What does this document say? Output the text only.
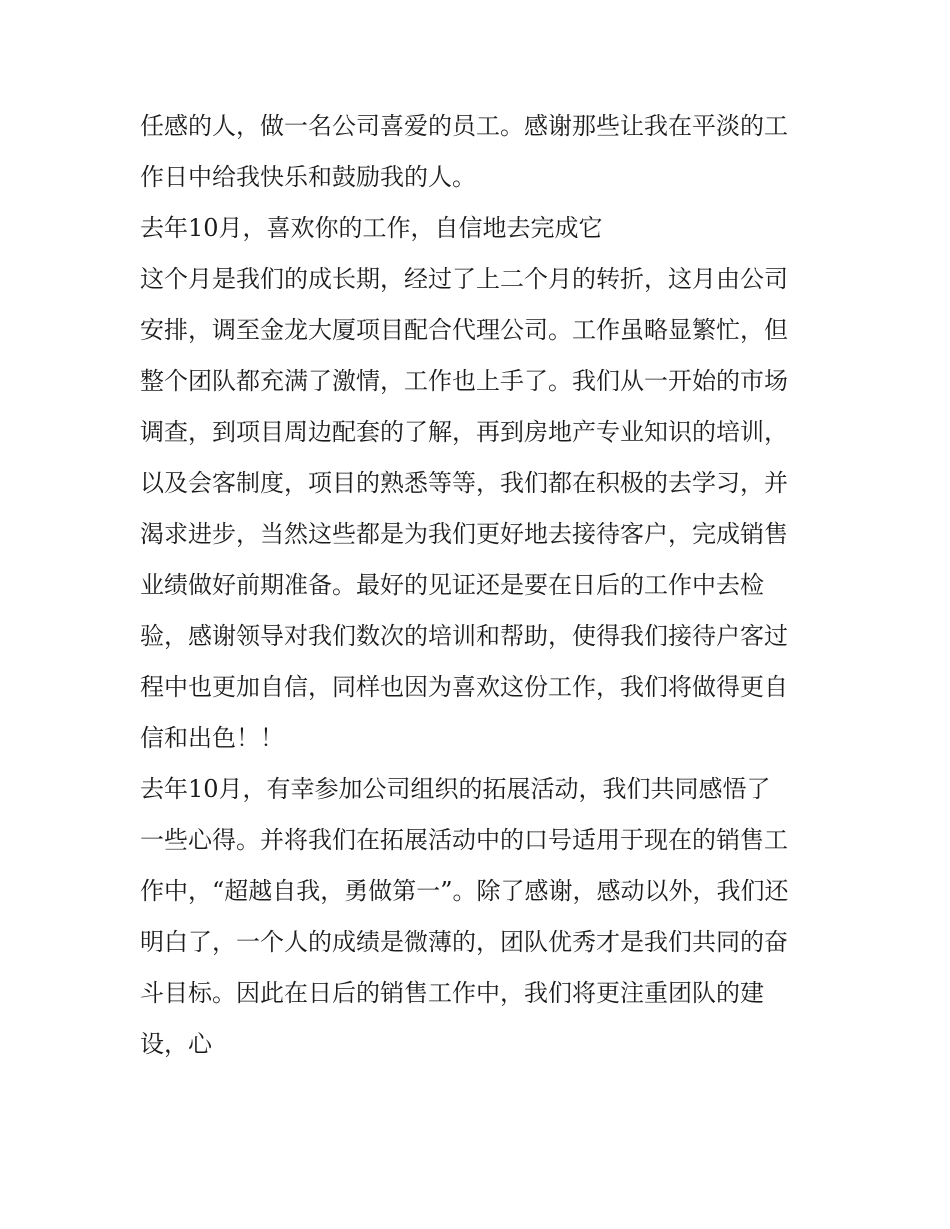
任感的人，做一名公司喜爱的员工。感谢那些让我在平淡的工
作日中给我快乐和鼓励我的人。
去年10月，喜欢你的工作，自信地去完成它
这个月是我们的成长期，经过了上二个月的转折，这月由公司
安排，调至金龙大厦项目配合代理公司。工作虽略显繁忙，但
整个团队都充满了激情，工作也上手了。我们从一开始的市场
调查，到项目周边配套的了解，再到房地产专业知识的培训，
以及会客制度，项目的熟悉等等，我们都在积极的去学习，并
渴求进步，当然这些都是为我们更好地去接待客户，完成销售
业绩做好前期准备。最好的见证还是要在日后的工作中去检
验，感谢领导对我们数次的培训和帮助，使得我们接待户客过
程中也更加自信，同样也因为喜欢这份工作，我们将做得更自
信和出色！！
去年10月，有幸参加公司组织的拓展活动，我们共同感悟了
一些心得。并将我们在拓展活动中的口号适用于现在的销售工
作中，“超越自我，勇做第一”。除了感谢，感动以外，我们还
明白了，一个人的成绩是微薄的，团队优秀才是我们共同的奋
斗目标。因此在日后的销售工作中，我们将更注重团队的建
设，心
